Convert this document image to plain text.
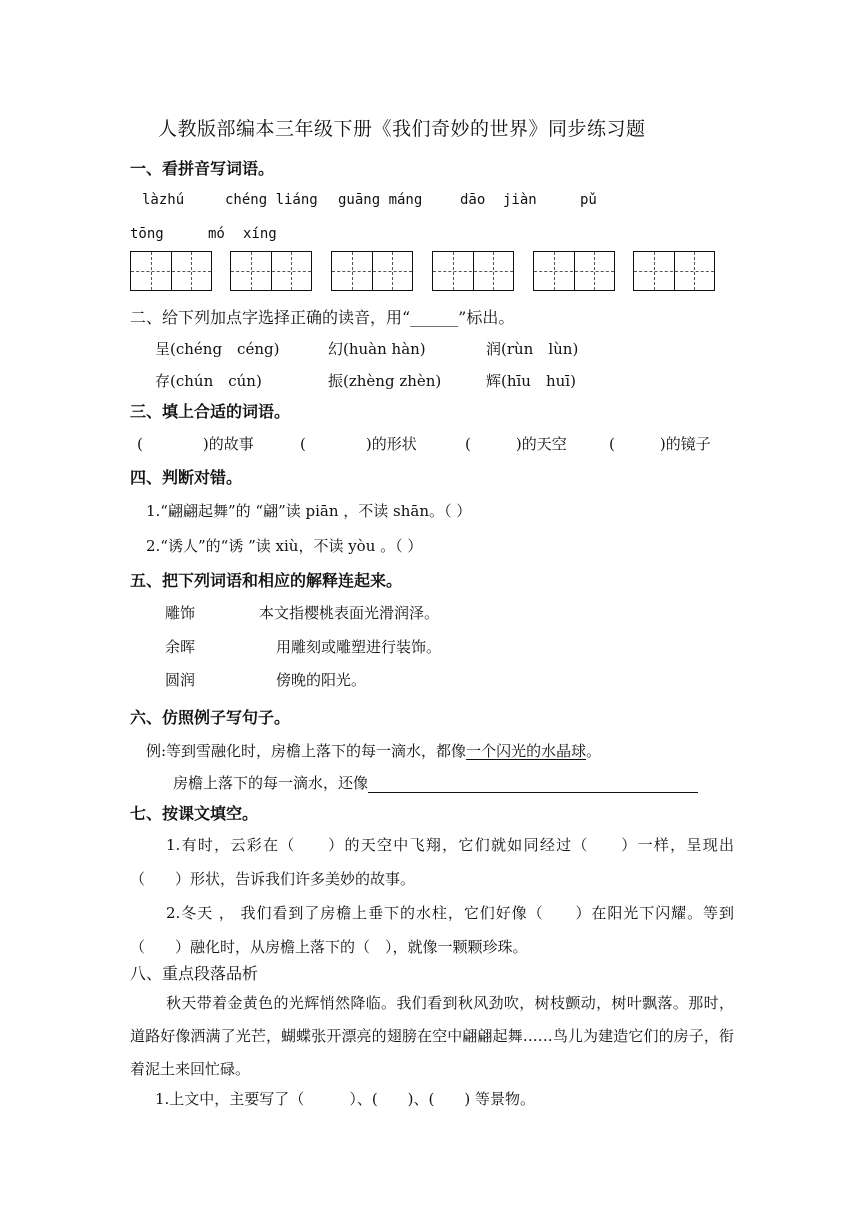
人教版部编本三年级下册《我们奇妙的世界》同步练习题
一、看拼音写词语。
làzhú	chéng liáng guāng máng	dāo jiàn	pǔ
tōng	mó xíng
二、给下列加点字选择正确的读音，用“______”标出。
呈(chéng　céng)	幻(huàn hàn)	润(rùn　lùn)
存(chún　cún)	振(zhèng zhèn)	辉(hīu　huī)
三、填上合适的词语。
(　　　　)的故事	(　　　　)的形状	(　　　)的天空	(　　　)的镜子
四、判断对错。
1.“翩翩起舞”的 “翩”读 piān ，不读 shān。（ ）
2.“诱人”的“诱 ”读 xiù，不读 yòu 。（ ）
五、把下列词语和相应的解释连起来。
雕饰	本文指樱桃表面光滑润泽。
余晖	用雕刻或雕塑进行装饰。
圆润	傍晚的阳光。
六、仿照例子写句子。
例:等到雪融化时，房檐上落下的每一滴水，都像一个闪光的水晶球。
房檐上落下的每一滴水，还像
七、按课文填空。
1.有时，云彩在（　　）的天空中飞翔，它们就如同经过（　　）一样，呈现出（　　）形状，告诉我们许多美妙的故事。
2.冬天 ， 我们看到了房檐上垂下的水柱，它们好像（　　）在阳光下闪耀。等到 （　　）融化时，从房檐上落下的（　），就像一颗颗珍珠。
八、重点段落品析
秋天带着金黄色的光辉悄然降临。我们看到秋风劲吹，树枝颤动，树叶飘落。那时，道路好像洒满了光芒，蝴蝶张开漂亮的翅膀在空中翩翩起舞……鸟儿为建造它们的房子，衔着泥土来回忙碌。
1.上文中，主要写了（　　　）、(　　)、(　　) 等景物。
